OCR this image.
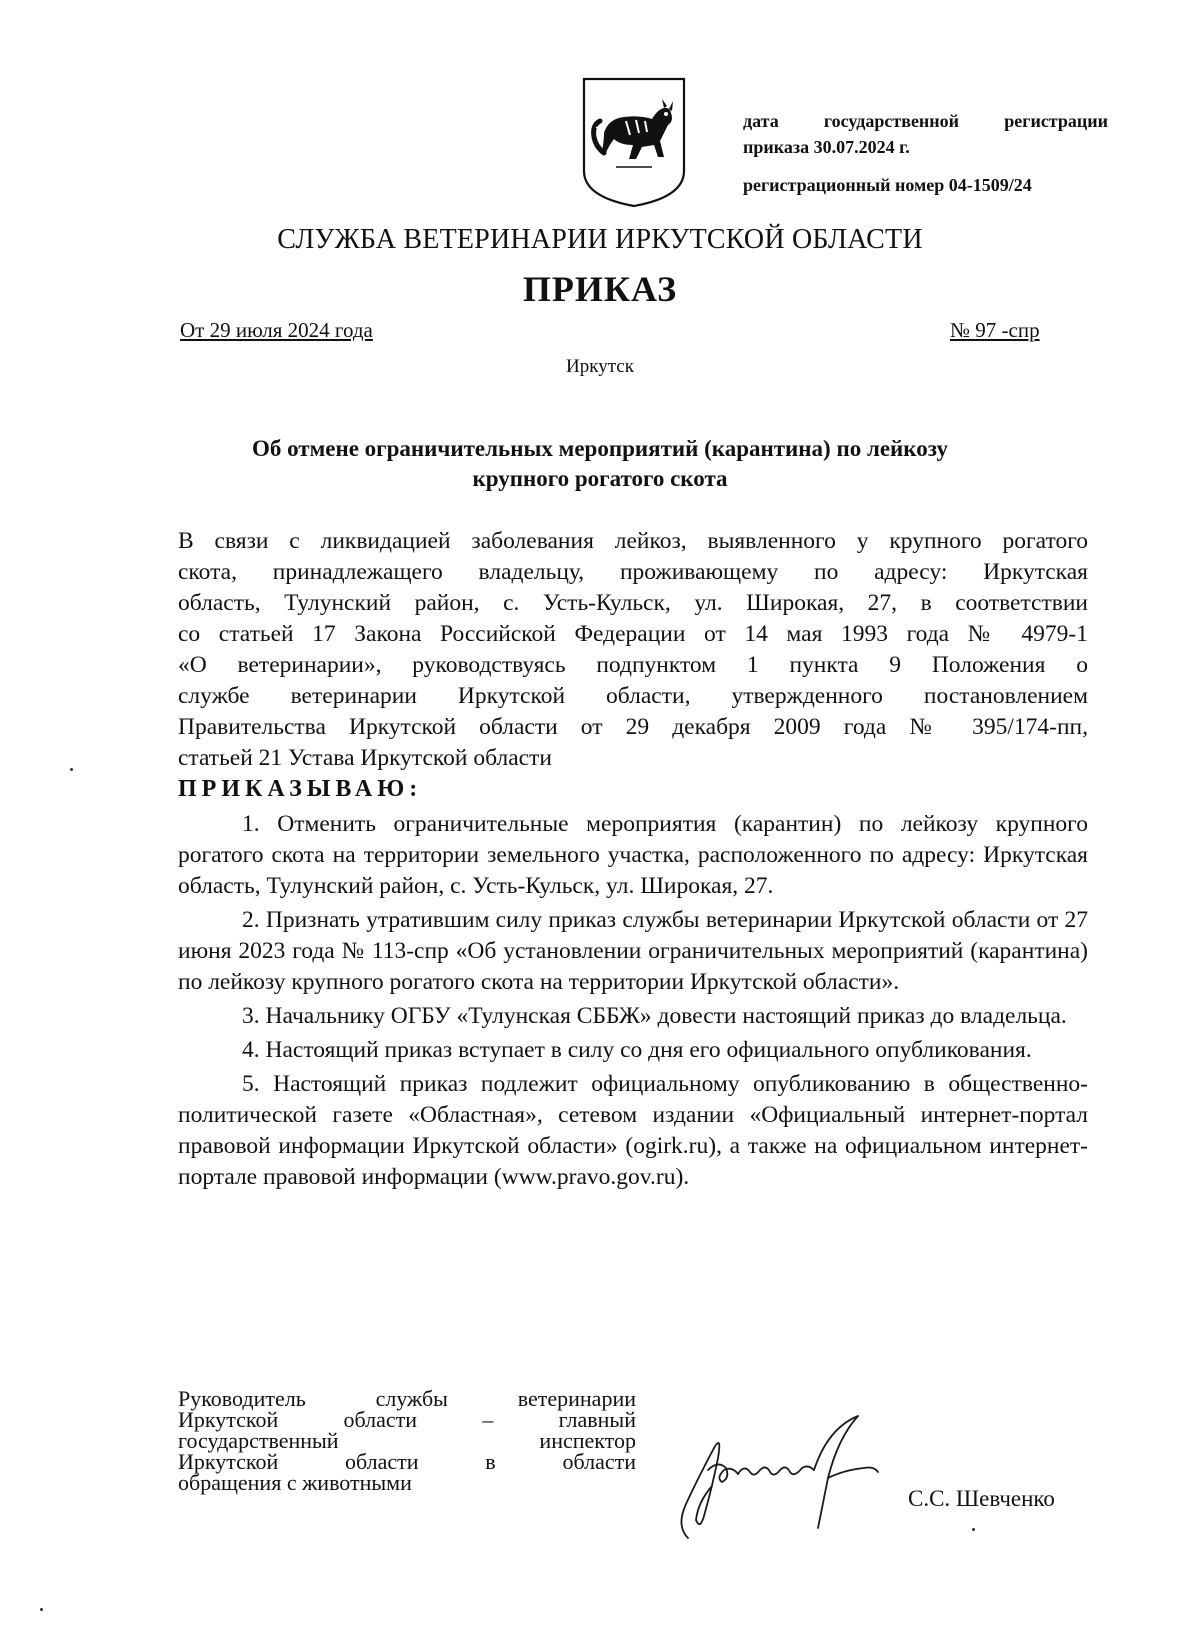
дата государственной регистрации
приказа 30.07.2024 г.
регистрационный номер 04-1509/24
СЛУЖБА ВЕТЕРИНАРИИ ИРКУТСКОЙ ОБЛАСТИ
ПРИКАЗ
От 29 июля 2024 года	№ 97 -спр
Иркутск
Об отмене ограничительных мероприятий (карантина) по лейкозу
крупного рогатого скота
В связи с ликвидацией заболевания лейкоз, выявленного у крупного рогатого
скота, принадлежащего владельцу, проживающему по адресу: Иркутская
область, Тулунский район, с. Усть-Кульск, ул. Широкая, 27, в соответствии
со статьей 17 Закона Российской Федерации от 14 мая 1993 года № 4979-1
«О ветеринарии», руководствуясь подпунктом 1 пункта 9 Положения о
службе ветеринарии Иркутской области, утвержденного постановлением
Правительства Иркутской области от 29 декабря 2009 года № 395/174-пп,
статьей 21 Устава Иркутской области
ПРИКАЗЫВАЮ:

1. Отменить ограничительные мероприятия (карантин) по лейкозу крупного рогатого скота на территории земельного участка, расположенного по адресу: Иркутская область, Тулунский район, с. Усть-Кульск, ул. Широкая, 27.

2. Признать утратившим силу приказ службы ветеринарии Иркутской области от 27 июня 2023 года № 113-спр «Об установлении ограничительных мероприятий (карантина) по лейкозу крупного рогатого скота на территории Иркутской области».

3. Начальнику ОГБУ «Тулунская СББЖ» довести настоящий приказ до владельца.

4. Настоящий приказ вступает в силу со дня его официального опубликования.

5. Настоящий приказ подлежит официальному опубликованию в общественно-политической газете «Областная», сетевом издании «Официальный интернет-портал правовой информации Иркутской области» (ogirk.ru), а также на официальном интернет-портале правовой информации (www.pravo.gov.ru).

Руководитель службы ветеринарии
Иркутской области – главный
государственный инспектор
Иркутской области в области
обращения с животными
С.С. Шевченко
